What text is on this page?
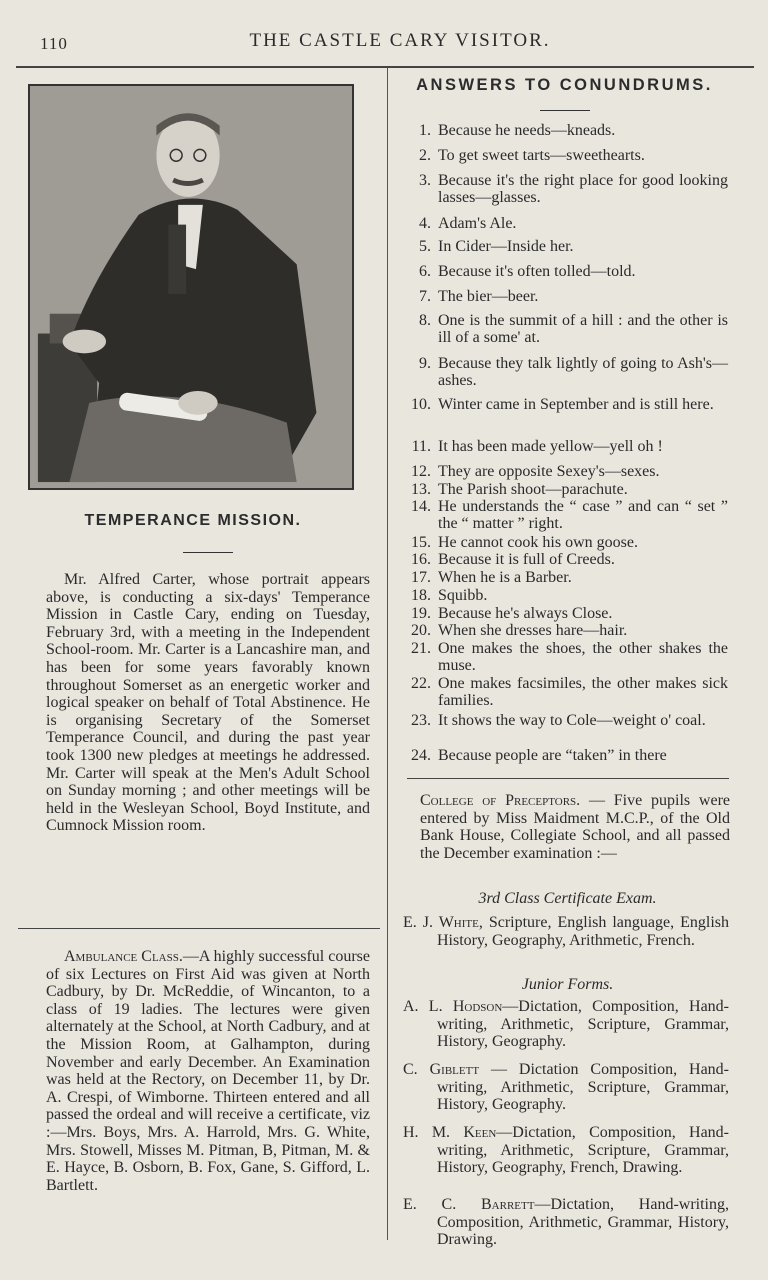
110	THE CASTLE CARY VISITOR.
TEMPERANCE MISSION.
Mr. Alfred Carter, whose portrait appears above, is conducting a six-days' Temperance Mission in Castle Cary, ending on Tuesday, February 3rd, with a meeting in the Independent School-room. Mr. Carter is a Lancashire man, and has been for some years favorably known throughout Somerset as an energetic worker and logical speaker on behalf of Total Abstinence. He is organising Secretary of the Somerset Temperance Council, and during the past year took 1300 new pledges at meetings he addressed. Mr. Carter will speak at the Men's Adult School on Sunday morning ; and other meetings will be held in the Wesleyan School, Boyd Institute, and Cumnock Mission room.
Ambulance Class.—A highly successful course of six Lectures on First Aid was given at North Cadbury, by Dr. McReddie, of Wincanton, to a class of 19 ladies. The lectures were given alternately at the School, at North Cadbury, and at the Mission Room, at Galhampton, during November and early December. An Examination was held at the Rectory, on December 11, by Dr. A. Crespi, of Wimborne. Thirteen entered and all passed the ordeal and will receive a certificate, viz :—Mrs. Boys, Mrs. A. Harrold, Mrs. G. White, Mrs. Stowell, Misses M. Pitman, B, Pitman, M. & E. Hayce, B. Osborn, B. Fox, Gane, S. Gifford, L. Bartlett.
ANSWERS TO CONUNDRUMS.
1. Because he needs—kneads.
2. To get sweet tarts—sweethearts.
3. Because it's the right place for good looking lasses—glasses.
4. Adam's Ale.
5. In Cider—Inside her.
6. Because it's often tolled—told.
7. The bier—beer.
8. One is the summit of a hill : and the other is ill of a some' at.
9. Because they talk lightly of going to Ash's—ashes.
10. Winter came in September and is still here.
11. It has been made yellow—yell oh !
12. They are opposite Sexey's—sexes.
13. The Parish shoot—parachute.
14. He understands the “ case ” and can “ set ” the “ matter ” right.
15. He cannot cook his own goose.
16. Because it is full of Creeds.
17. When he is a Barber.
18. Squibb.
19. Because he's always Close.
20. When she dresses hare—hair.
21. One makes the shoes, the other shakes the muse.
22. One makes facsimiles, the other makes sick families.
23. It shows the way to Cole—weight o' coal.
24. Because people are “taken” in there
College of Preceptors. — Five pupils were entered by Miss Maidment M.C.P., of the Old Bank House, Collegiate School, and all passed the December examination :—
3rd Class Certificate Exam.
E. J. White, Scripture, English language, English History, Geography, Arithmetic, French.
Junior Forms.
A. L. Hodson—Dictation, Composition, Hand-writing, Arithmetic, Scripture, Grammar, History, Geography.
C. Giblett — Dictation Composition, Hand-writing, Arithmetic, Scripture, Grammar, History, Geography.
H. M. Keen—Dictation, Composition, Hand-writing, Arithmetic, Scripture, Grammar, History, Geography, French, Drawing.
E. C. Barrett—Dictation, Hand-writing, Composition, Arithmetic, Grammar, History, Drawing.
